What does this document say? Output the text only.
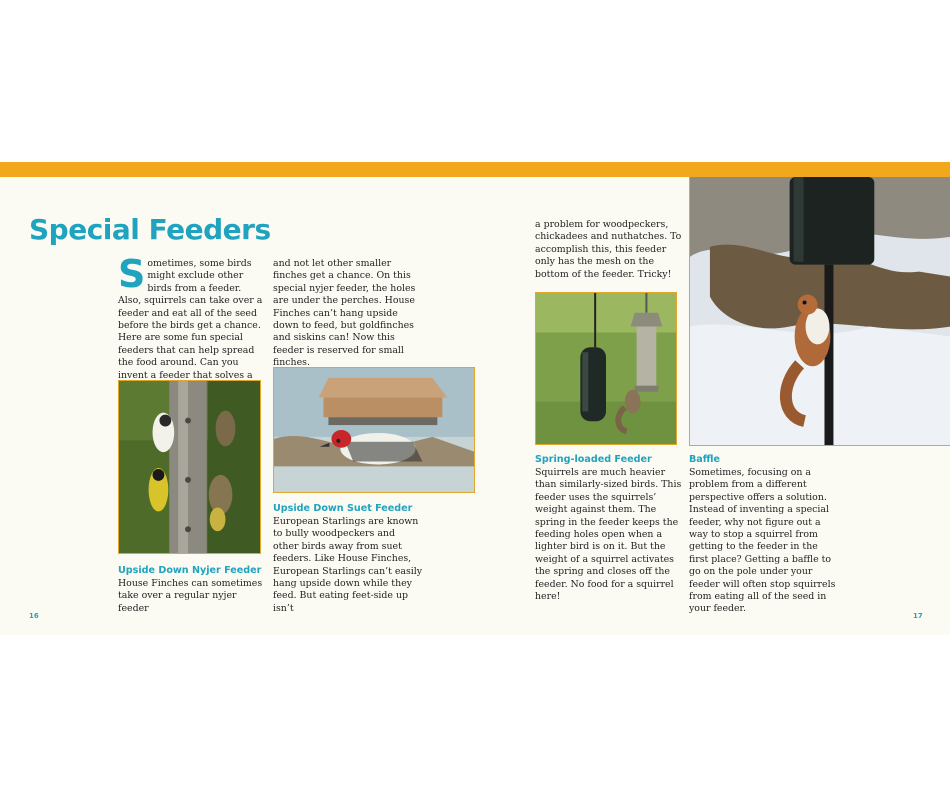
Special Feeders

Sometimes, some birds might exclude other birds from a feeder. Also, squirrels can take over a feeder and eat all of the seed before the birds get a chance. Here are some fun special feeders that can help spread the food around. Can you invent a feeder that solves a

Upside Down Nyjer Feeder

House Finches can sometimes take over a regular nyjer feeder

and not let other smaller finches get a chance. On this special nyjer feeder, the holes are under the perches. House Finches can’t hang upside down to feed, but goldfinches and siskins can! Now this feeder is reserved for small finches.

Upside Down Suet Feeder

European Starlings are known to bully woodpeckers and other birds away from suet feeders. Like House Finches, European Starlings can’t easily hang upside down while they feed. But eating feet-side up isn’t

a problem for woodpeckers, chickadees and nuthatches. To accomplish this, this feeder only has the mesh on the bottom of the feeder. Tricky!

Spring-loaded Feeder

Squirrels are much heavier than similarly-sized birds. This feeder uses the squirrels’ weight against them. The spring in the feeder keeps the feeding holes open when a lighter bird is on it. But the weight of a squirrel activates the spring and closes off the feeder. No food for a squirrel here!

Baffle

Sometimes, focusing on a problem from a different perspective offers a solution. Instead of inventing a special feeder, why not figure out a way to stop a squirrel from getting to the feeder in the first place? Getting a baffle to go on the pole under your feeder will often stop squirrels from eating all of the seed in your feeder.

16	17
